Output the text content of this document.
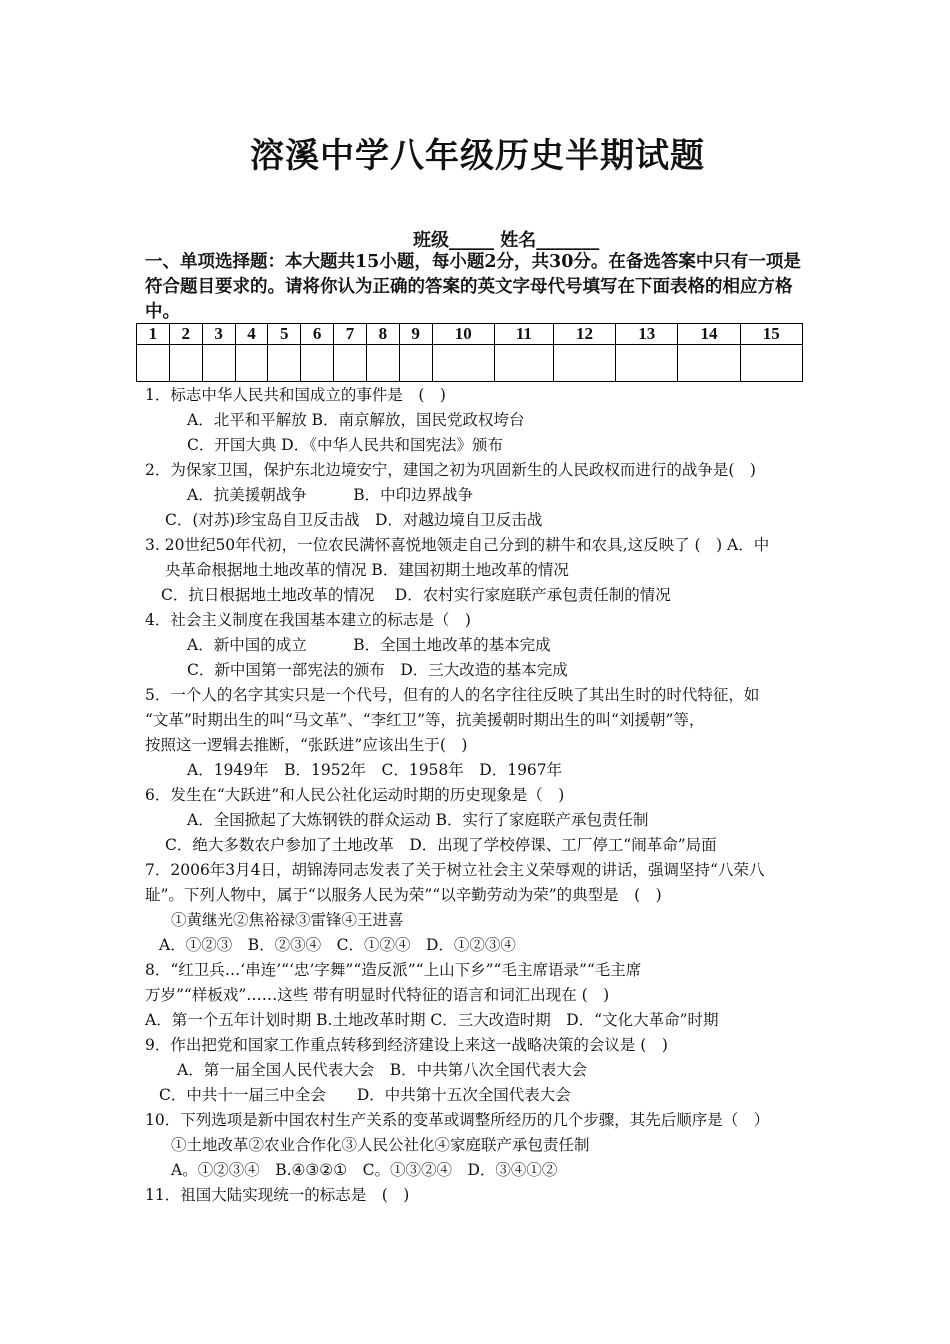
溶溪中学八年级历史半期试题
班级_____ 姓名_______
一、单项选择题：本大题共15小题，每小题2分，共30分。在备选答案中只有一项是符合题目要求的。请将你认为正确的答案的英文字母代号填写在下面表格的相应方格中。
1	2	3	4	5	6	7	8	9	10	11	12	13	14	15

1．标志中华人民共和国成立的事件是　(　)
A．北平和平解放 B．南京解放，国民党政权垮台
C．开国大典 D．《中华人民共和国宪法》颁布
2．为保家卫国，保护东北边境安宁，建国之初为巩固新生的人民政权而进行的战争是(　)
A．抗美援朝战争　　　B．中印边界战争
C．(对苏)珍宝岛自卫反击战　D．对越边境自卫反击战
3. 20世纪50年代初，一位农民满怀喜悦地领走自己分到的耕牛和农具,这反映了 (　) A．中
央革命根据地土地改革的情况 B．建国初期土地改革的情况
C．抗日根据地土地改革的情况　 D．农村实行家庭联产承包责任制的情况
4．社会主义制度在我国基本建立的标志是（　)
A．新中国的成立　　　B．全国土地改革的基本完成
C．新中国第一部宪法的颁布　D．三大改造的基本完成
5．一个人的名字其实只是一个代号，但有的人的名字往往反映了其出生时的时代特征，如
“文革”时期出生的叫“马文革”、“李红卫”等，抗美援朝时期出生的叫“刘援朝”等，
按照这一逻辑去推断，“张跃进”应该出生于(　)
A．1949年　B．1952年　C．1958年　D．1967年
6．发生在“大跃进”和人民公社化运动时期的历史现象是（　)
A．全国掀起了大炼钢铁的群众运动 B．实行了家庭联产承包责任制
C．绝大多数农户参加了土地改革　D．出现了学校停课、工厂停工“闹革命”局面
7．2006年3月4日，胡锦涛同志发表了关于树立社会主义荣辱观的讲话，强调坚持“八荣八
耻”。下列人物中，属于“以服务人民为荣”“以辛勤劳动为荣”的典型是　(　)
①黄继光②焦裕禄③雷锋④王进喜
A．①②③　B．②③④　C．①②④　D．①②③④
8．“红卫兵…‘串连’“‘忠’字舞”“造反派”“上山下乡”“毛主席语录”“毛主席
万岁”“样板戏”……这些 带有明显时代特征的语言和词汇出现在 (　)
A．第一个五年计划时期 B.土地改革时期 C．三大改造时期　D．“文化大革命”时期
9．作出把党和国家工作重点转移到经济建设上来这一战略决策的会议是 (　)
A．第一届全国人民代表大会　B．中共第八次全国代表大会
C．中共十一届三中全会　　D．中共第十五次全国代表大会
10．下列选项是新中国农村生产关系的变革或调整所经历的几个步骤，其先后顺序是（　）
①土地改革②农业合作化③人民公社化④家庭联产承包责任制
A。①②③④　B.④③②①　C。①③②④　D．③④①②
11．祖国大陆实现统一的标志是　(　)
